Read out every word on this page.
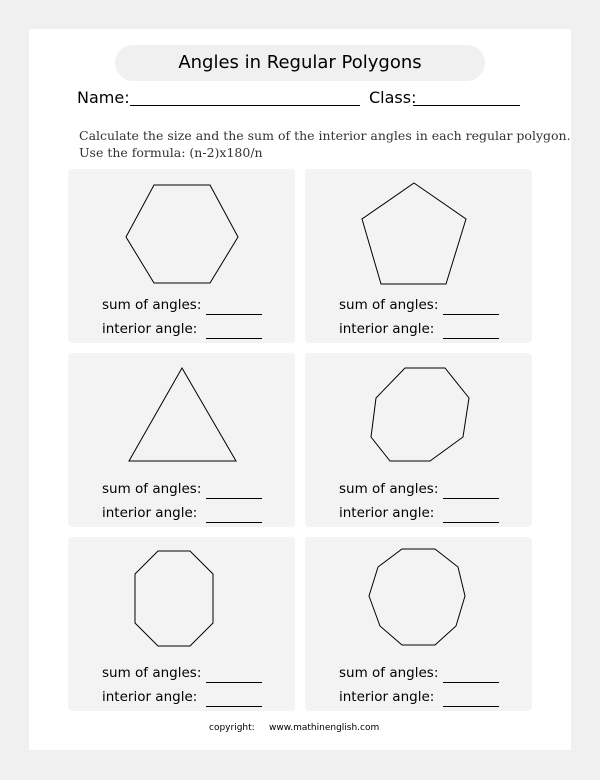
Angles in Regular Polygons
Name:	Class:
Calculate the size and the sum of the interior angles in each regular polygon.
Use the formula: (n-2)x180/n
sum of angles:
interior angle:
sum of angles:
interior angle:
sum of angles:
interior angle:
sum of angles:
interior angle:
sum of angles:
interior angle:
sum of angles:
interior angle:
copyright: www.mathinenglish.com
